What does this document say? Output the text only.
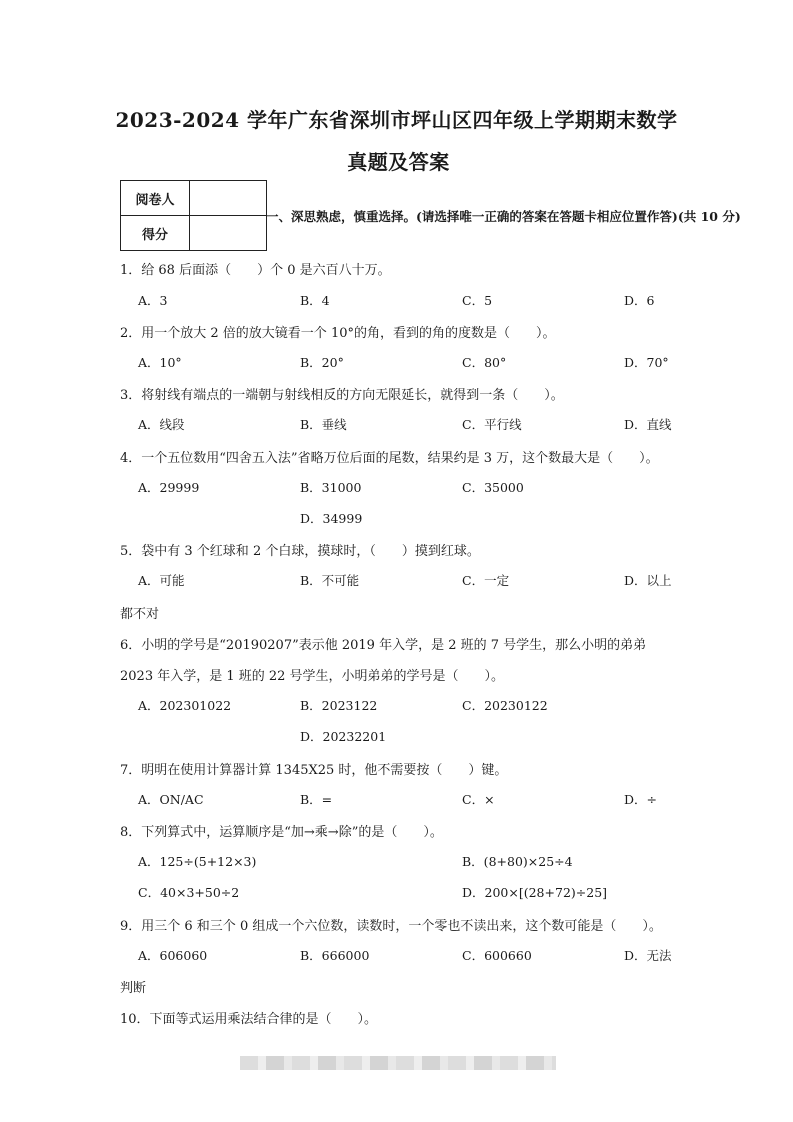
2023-2024 学年广东省深圳市坪山区四年级上学期期末数学
真题及答案
阅卷人	
得分	
一、深思熟虑，慎重选择。(请选择唯一正确的答案在答题卡相应位置作答)(共 10 分)
1．给 68 后面添（　　）个 0 是六百八十万。
A．3	B．4	C．5	D．6
2．用一个放大 2 倍的放大镜看一个 10°的角，看到的角的度数是（　　）。
A．10°	B．20°	C．80°	D．70°
3．将射线有端点的一端朝与射线相反的方向无限延长，就得到一条（　　）。
A．线段	B．垂线	C．平行线	D．直线
4．一个五位数用“四舍五入法”省略万位后面的尾数，结果约是 3 万，这个数最大是（　　）。
A．29999	B．31000	C．35000
D．34999
5．袋中有 3 个红球和 2 个白球，摸球时，（　　）摸到红球。
A．可能	B．不可能	C．一定	D．以上
都不对
6．小明的学号是“20190207”表示他 2019 年入学，是 2 班的 7 号学生，那么小明的弟弟
2023 年入学，是 1 班的 22 号学生，小明弟弟的学号是（　　）。
A．202301022	B．2023122	C．20230122
D．20232201
7．明明在使用计算器计算 1345X25 时，他不需要按（　　）键。
A．ON/AC	B．=	C．×	D．÷
8．下列算式中，运算顺序是“加→乘→除”的是（　　）。
A．125÷(5+12×3)	B．(8+80)×25÷4
C．40×3+50÷2	D．200×[(28+72)÷25]
9．用三个 6 和三个 0 组成一个六位数，读数时，一个零也不读出来，这个数可能是（　　）。
A．606060	B．666000	C．600660	D．无法
判断
10．下面等式运用乘法结合律的是（　　）。
